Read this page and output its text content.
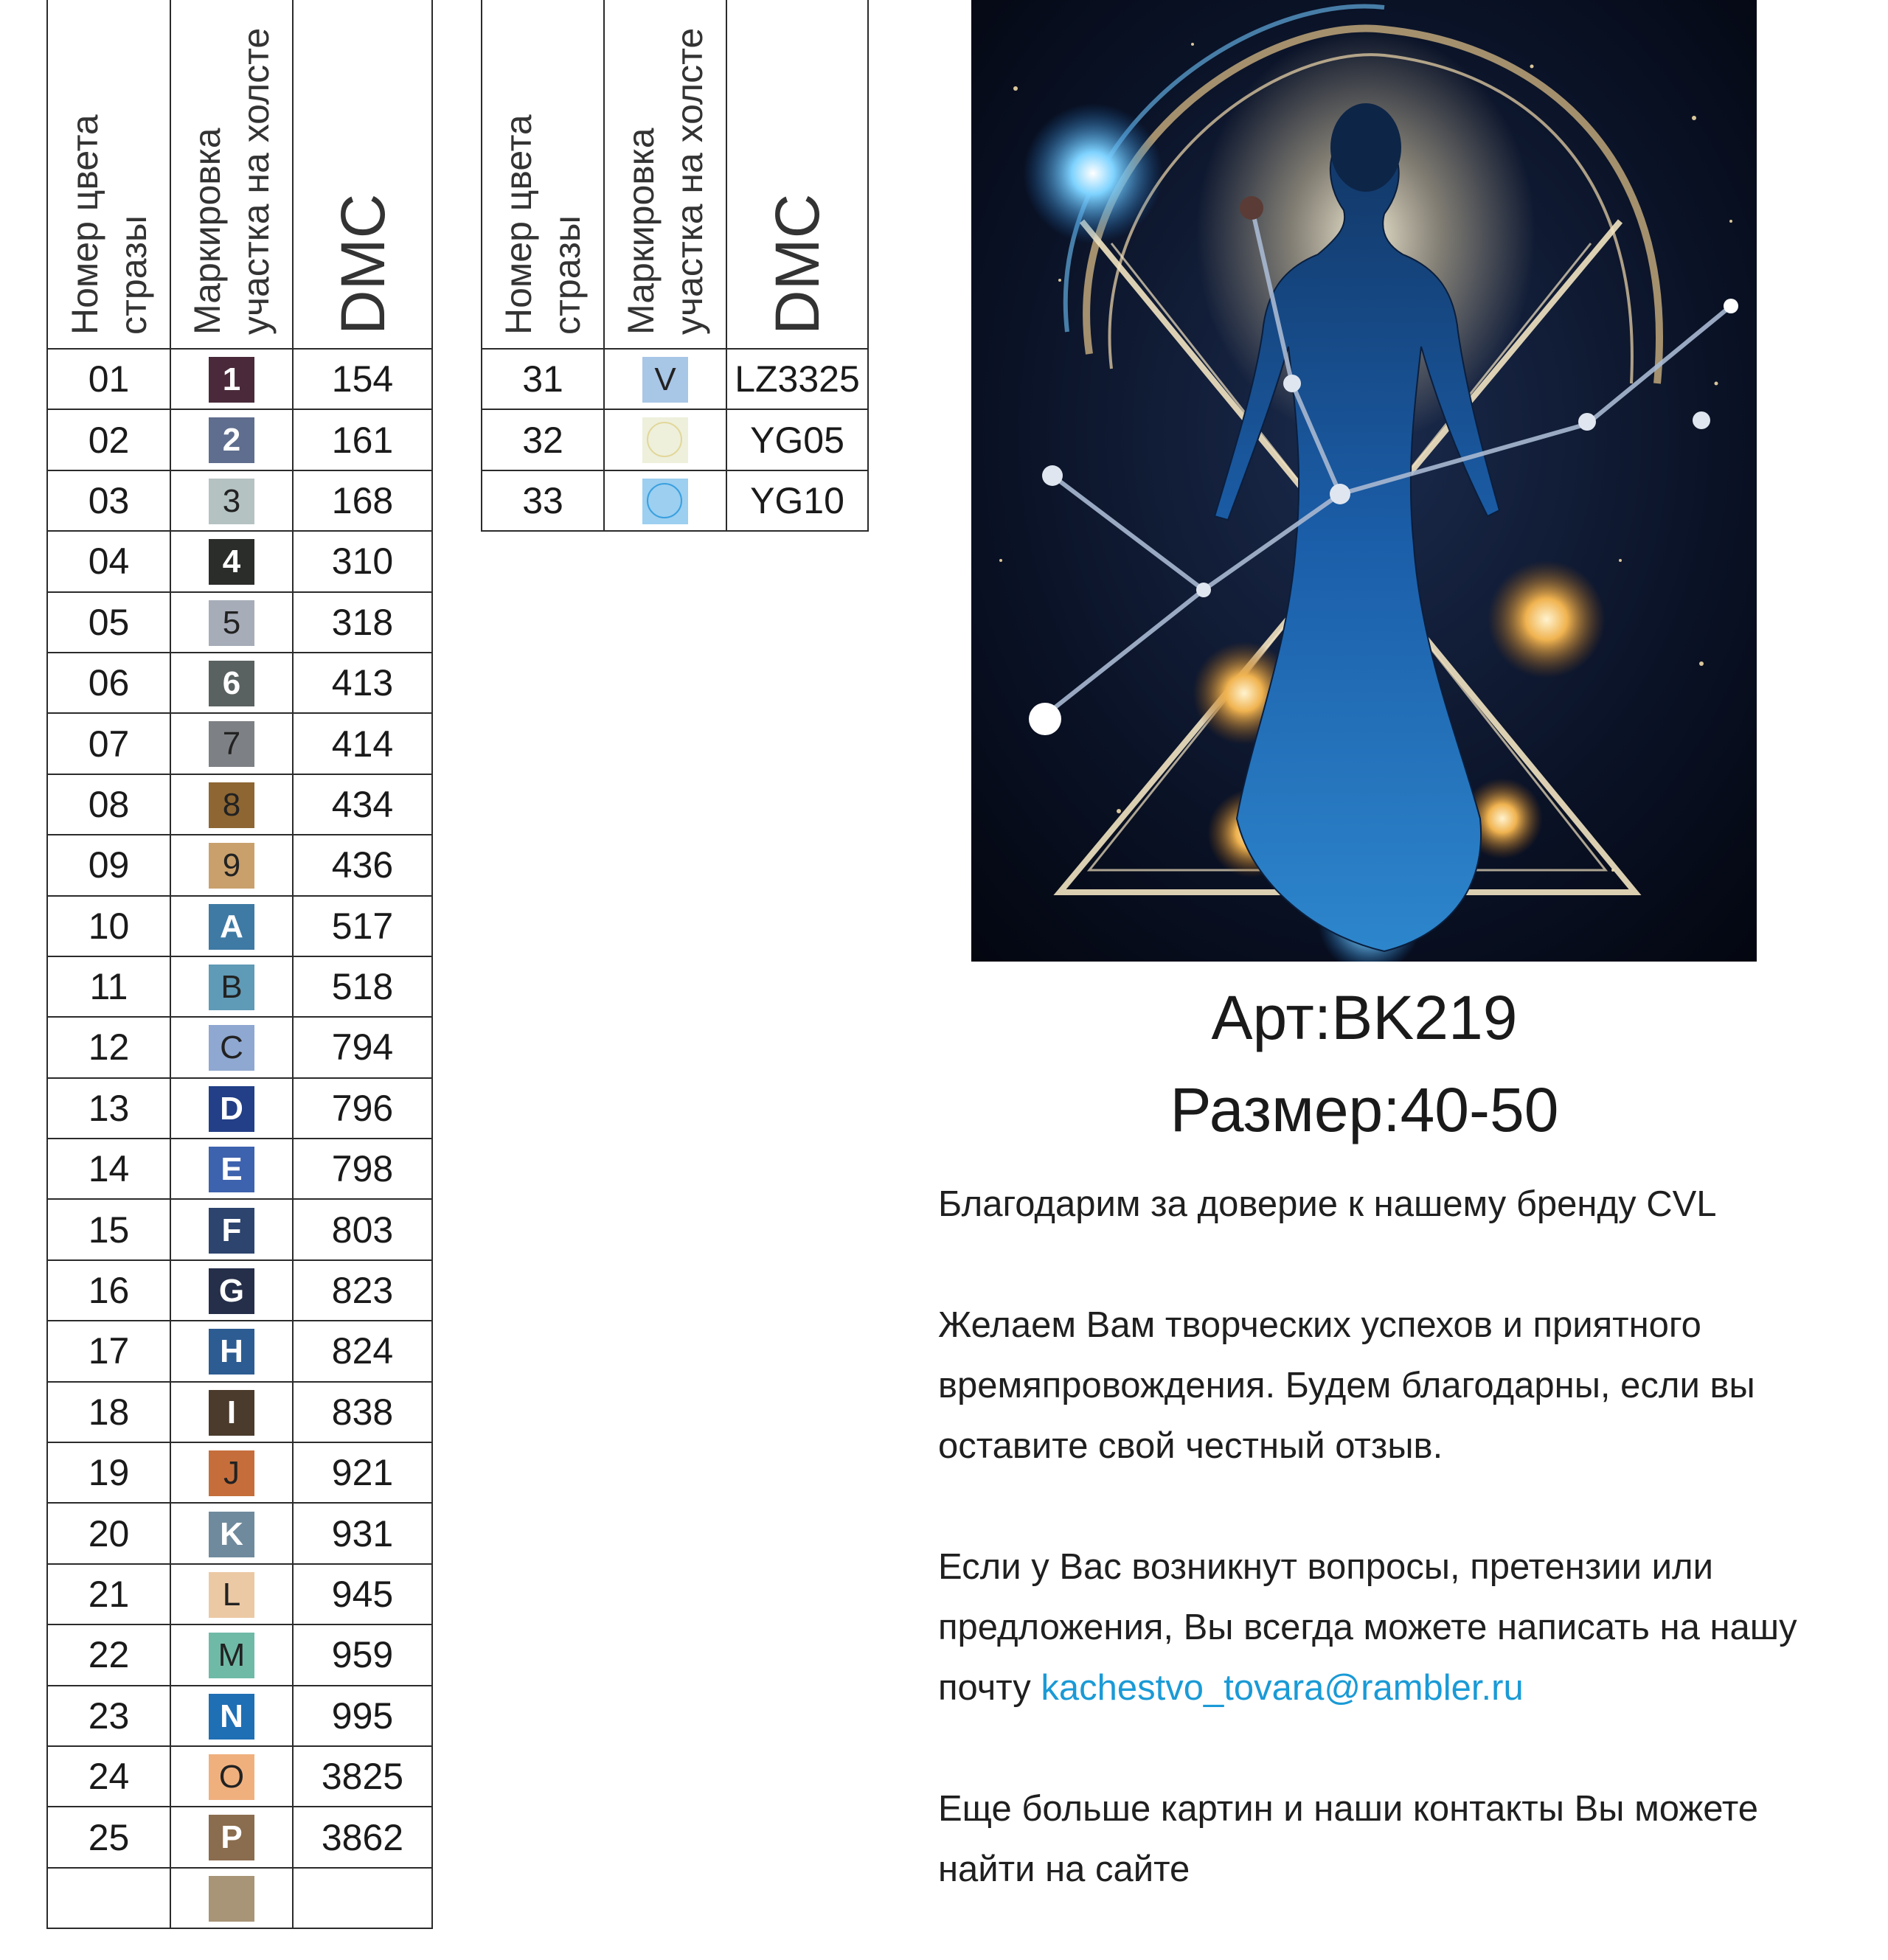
Номер цвета стразы	Маркировка участка на холсте	DMC

01	1	154
02	2	161
03	3	168
04	4	310
05	5	318
06	6	413
07	7	414
08	8	434
09	9	436
10	A	517
11	B	518
12	C	794
13	D	796
14	E	798
15	F	803
16	G	823
17	H	824
18	I	838
19	J	921
20	K	931
21	L	945
22	M	959
23	N	995
24	O	3825
25	P	3862

Номер цвета стразы	Маркировка участка на холсте	DMC

31	V	LZ3325
32		YG05
33		YG10
Арт:BK219
Размер:40-50

Благодарим за доверие к нашему бренду CVL

Желаем Вам творческих успехов и приятного времяпровождения. Будем благодарны, если вы оставите свой честный отзыв.

Если у Вас возникнут вопросы, претензии или предложения, Вы всегда можете написать на нашу почту kachestvo_tovara@rambler.ru

Еще больше картин и наши контакты Вы можете найти на сайте
